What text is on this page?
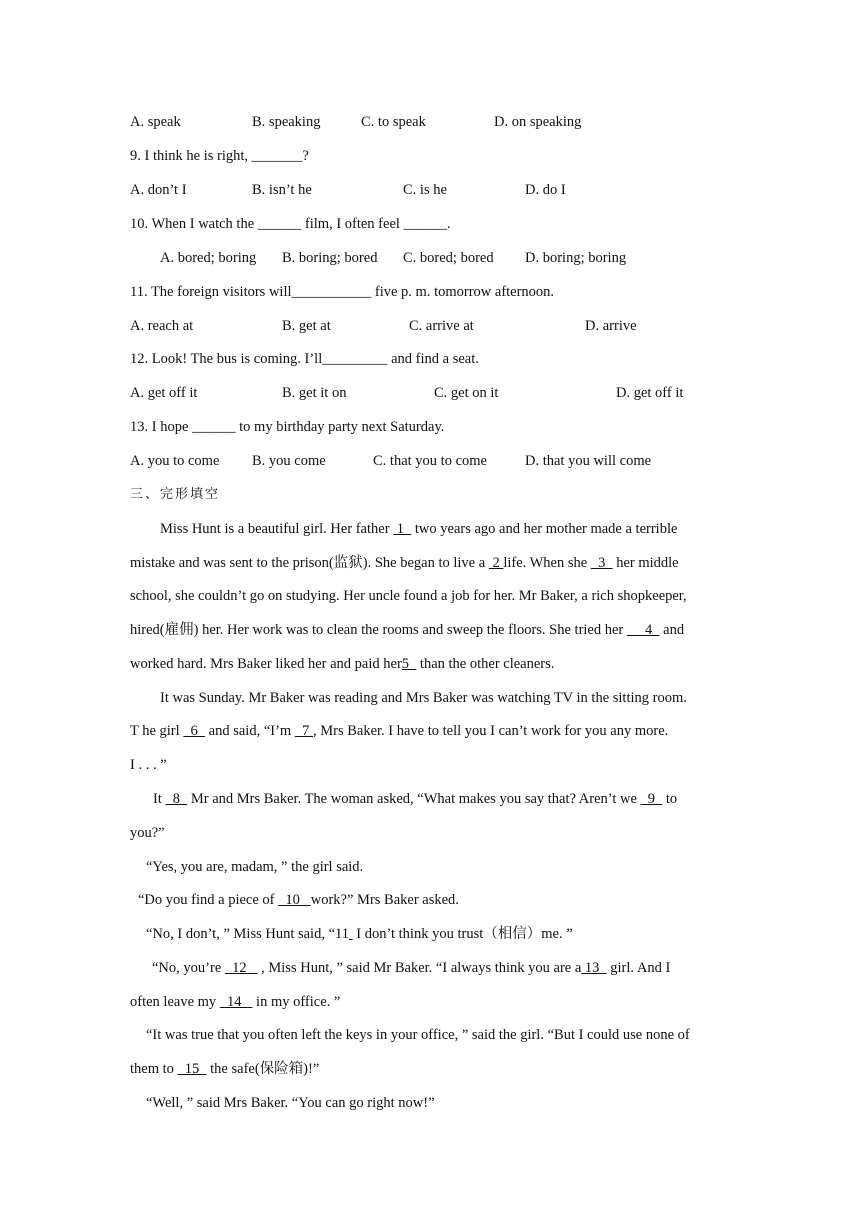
A. speak	B. speaking	C. to speak	D. on speaking
9. I think he is right, _______?
A. don’t I	B. isn’t he	C. is he	D. do I
10. When I watch the ______ film, I often feel ______.
A. bored; boring B. boring; bored C. bored; bored D. boring; boring
11. The foreign visitors will___________ five p. m. tomorrow afternoon.
A. reach at	B. get at	C. arrive at	D. arrive
12. Look! The bus is coming. I’ll_________ and find a seat.
A. get off it	B. get it on	C. get on it	D. get off it
13. I hope ______ to my birthday party next Saturday.
A. you to come B. you come	C. that you to come	D. that you will come
三、完形填空
Miss Hunt is a beautiful girl. Her father  1   two years ago and her mother made a terrible
mistake and was sent to the prison(监狱). She began to live a  2 life. When she   3   her middle
school, she couldn’t go on studying. Her uncle found a job for her. Mr Baker, a rich shopkeeper,
hired(雇佣) her. Her work was to clean the rooms and sweep the floors. She tried her      4   and
worked hard. Mrs Baker liked her and paid her5   than the other cleaners.
It was Sunday. Mr Baker was reading and Mrs Baker was watching TV in the sitting room.
T he girl   6   and said, “I’m   7 , Mrs Baker. I have to tell you I can’t work for you any more.
I . . . ”
It   8   Mr and Mrs Baker. The woman asked, “What makes you say that? Aren’t we   9   to
you?”
“Yes, you are, madam, ” the girl said.
“Do you find a piece of   10   work?” Mrs Baker asked.
“No, I don’t, ” Miss Hunt said, “11  I don’t think you trust（相信）me. ”
“No, you’re   12    , Miss Hunt, ” said Mr Baker. “I always think you are a 13   girl. And I
often leave my   14    in my office. ”
“It was true that you often left the keys in your office, ” said the girl. “But I could use none of
them to   15   the safe(保险箱)!”
“Well, ” said Mrs Baker. “You can go right now!”
